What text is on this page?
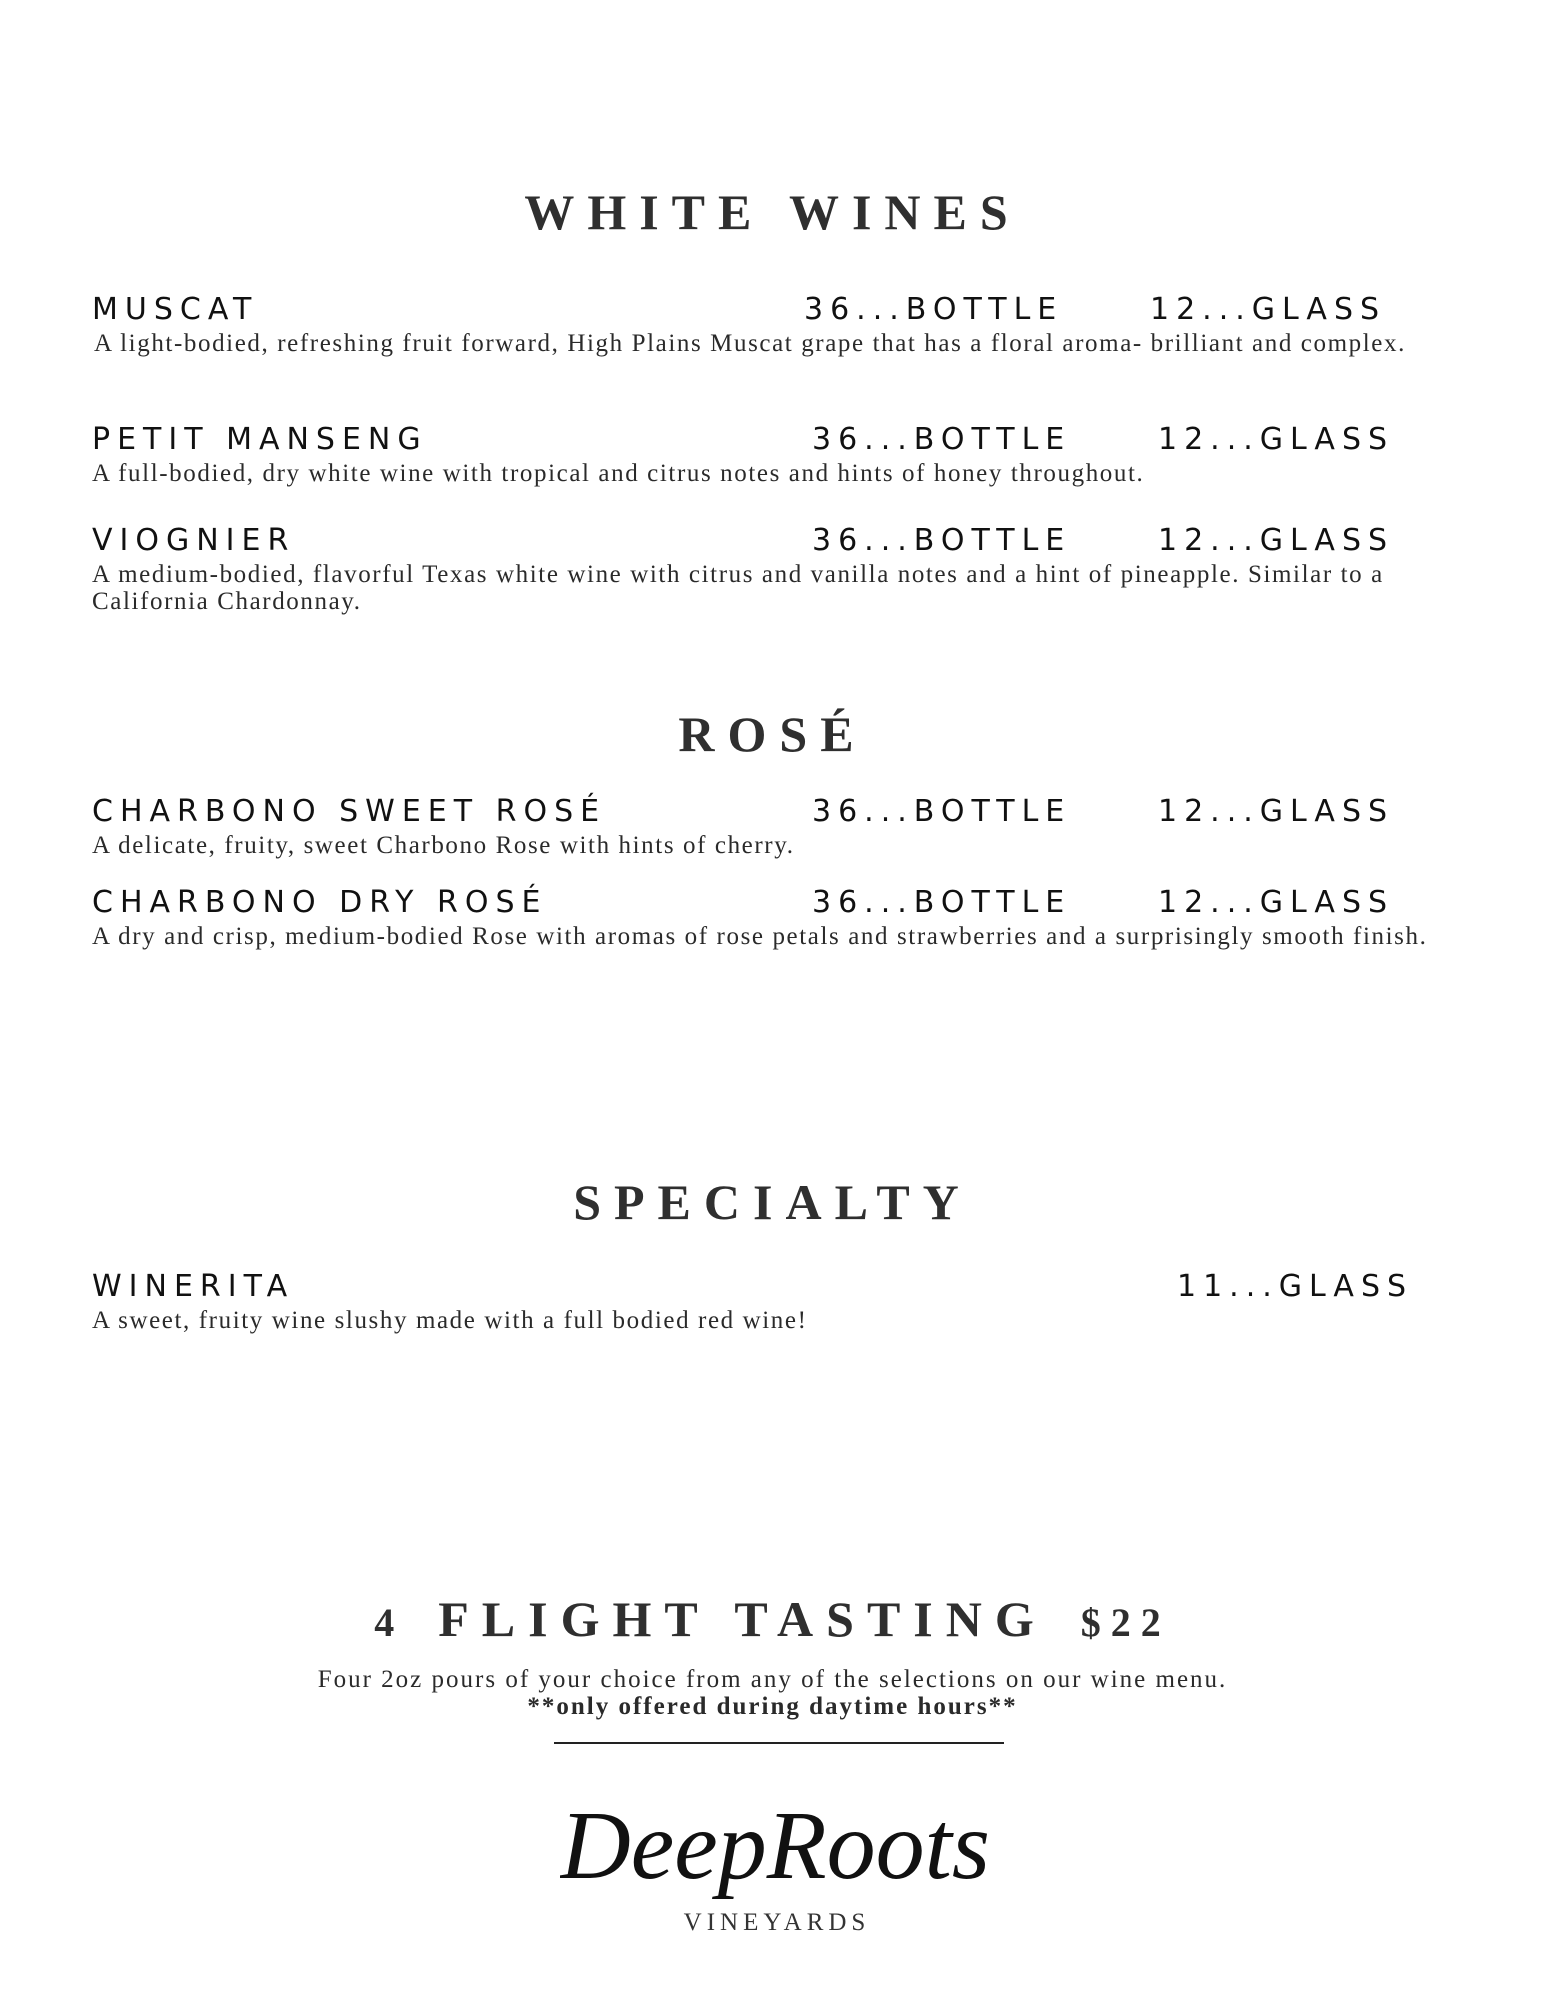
WHITE WINES
MUSCAT	36...BOTTLE	12...GLASS

A light-bodied, refreshing fruit forward, High Plains Muscat grape that has a floral aroma- brilliant and complex.

PETIT MANSENG	36...BOTTLE	12...GLASS

A full-bodied, dry white wine with tropical and citrus notes and hints of honey throughout.

VIOGNIER	36...BOTTLE	12...GLASS

A medium-bodied, flavorful Texas white wine with citrus and vanilla notes and a hint of pineapple. Similar to a California Chardonnay.

ROSÉ
CHARBONO SWEET ROSÉ	36...BOTTLE	12...GLASS

A delicate, fruity, sweet Charbono Rose with hints of cherry.

CHARBONO DRY ROSÉ	36...BOTTLE	12...GLASS

A dry and crisp, medium-bodied Rose with aromas of rose petals and strawberries and a surprisingly smooth finish.

SPECIALTY
WINERITA	11...GLASS

A sweet, fruity wine slushy made with a full bodied red wine!

4 FLIGHT TASTING $22

Four 2oz pours of your choice from any of the selections on our wine menu.

**only offered during daytime hours**

DeepRoots
VINEYARDS
